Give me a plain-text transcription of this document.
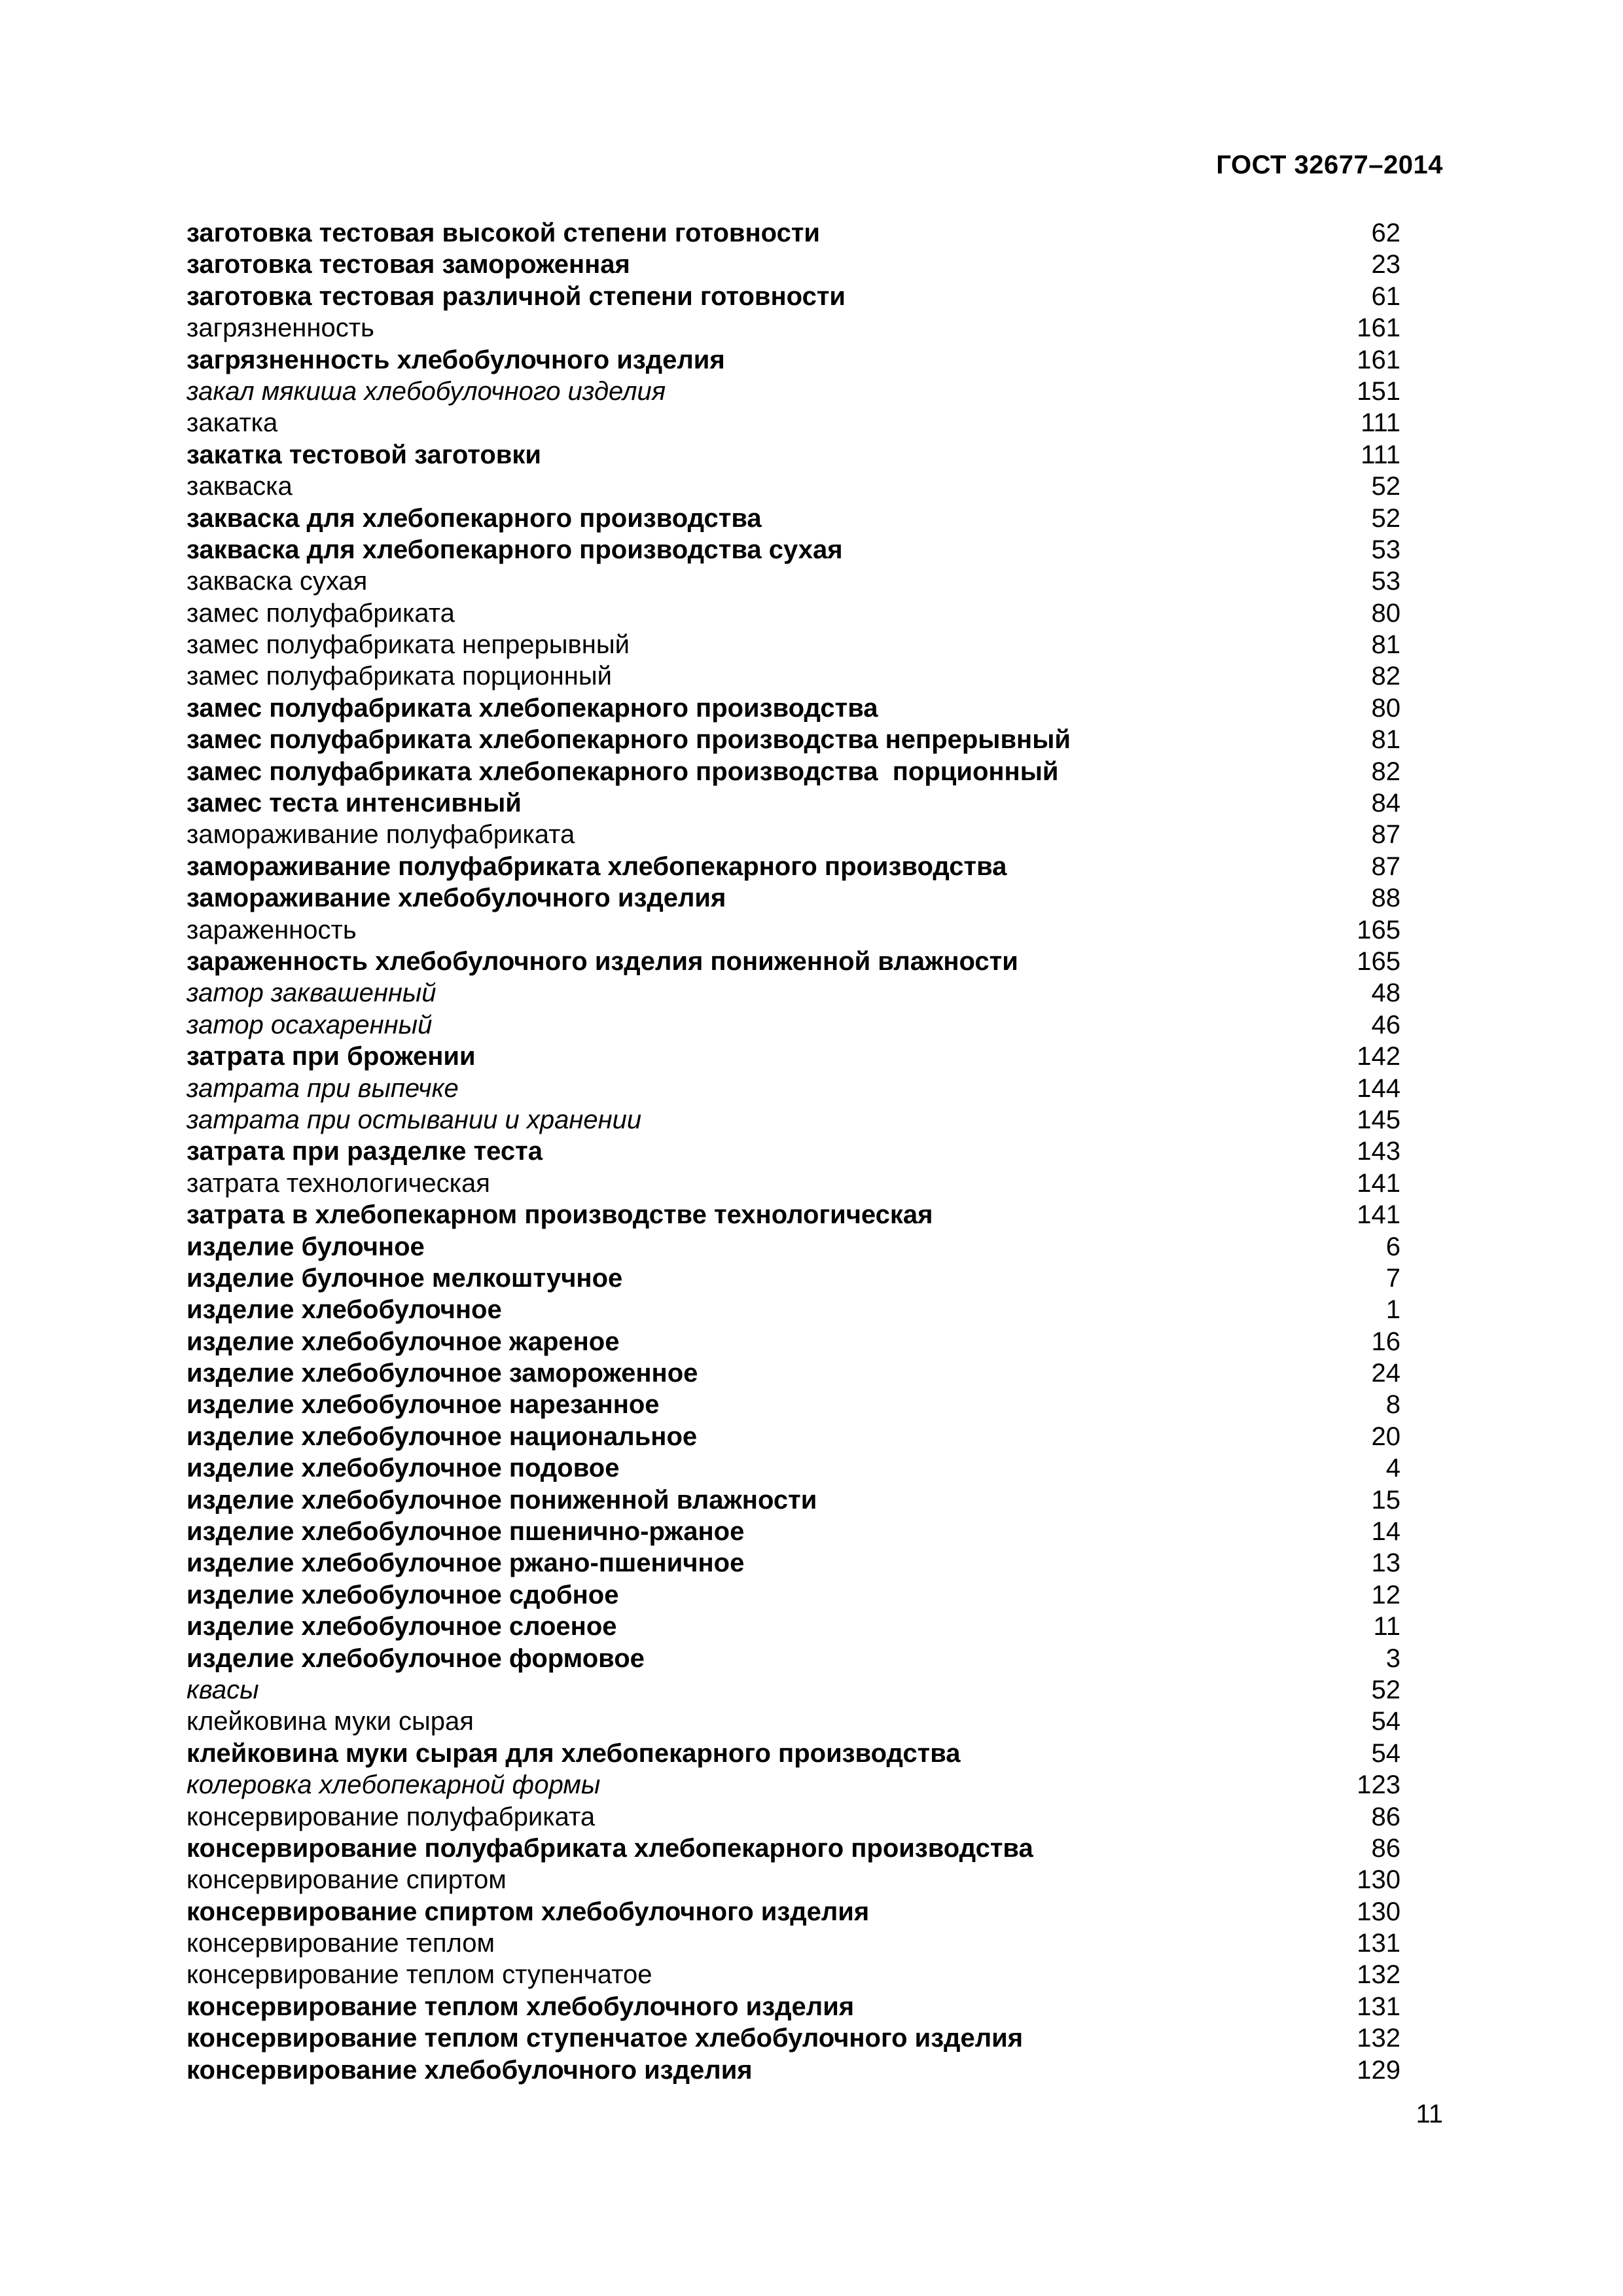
ГОСТ 32677–2014
заготовка тестовая высокой степени готовности	62
заготовка тестовая замороженная	23
заготовка тестовая различной степени готовности	61
загрязненность	161
загрязненность хлебобулочного изделия	161
закал мякиша хлебобулочного изделия	151
закатка	111
закатка тестовой заготовки	111
закваска	52
закваска для хлебопекарного производства	52
закваска для хлебопекарного производства сухая	53
закваска сухая	53
замес полуфабриката	80
замес полуфабриката непрерывный	81
замес полуфабриката порционный	82
замес полуфабриката хлебопекарного производства	80
замес полуфабриката хлебопекарного производства непрерывный	81
замес полуфабриката хлебопекарного производства  порционный	82
замес теста интенсивный	84
замораживание полуфабриката	87
замораживание полуфабриката хлебопекарного производства	87
замораживание хлебобулочного изделия	88
зараженность	165
зараженность хлебобулочного изделия пониженной влажности	165
затор заквашенный	48
затор осахаренный	46
затрата при брожении	142
затрата при выпечке	144
затрата при остывании и хранении	145
затрата при разделке теста	143
затрата технологическая	141
затрата в хлебопекарном производстве технологическая	141
изделие булочное	6
изделие булочное мелкоштучное	7
изделие хлебобулочное	1
изделие хлебобулочное жареное	16
изделие хлебобулочное замороженное	24
изделие хлебобулочное нарезанное	8
изделие хлебобулочное национальное	20
изделие хлебобулочное подовое	4
изделие хлебобулочное пониженной влажности	15
изделие хлебобулочное пшенично-ржаное	14
изделие хлебобулочное ржано-пшеничное	13
изделие хлебобулочное сдобное	12
изделие хлебобулочное слоеное	11
изделие хлебобулочное формовое	3
квасы	52
клейковина муки сырая	54
клейковина муки сырая для хлебопекарного производства	54
колеровка хлебопекарной формы	123
консервирование полуфабриката	86
консервирование полуфабриката хлебопекарного производства	86
консервирование спиртом	130
консервирование спиртом хлебобулочного изделия	130
консервирование теплом	131
консервирование теплом ступенчатое	132
консервирование теплом хлебобулочного изделия	131
консервирование теплом ступенчатое хлебобулочного изделия	132
консервирование хлебобулочного изделия	129
11
